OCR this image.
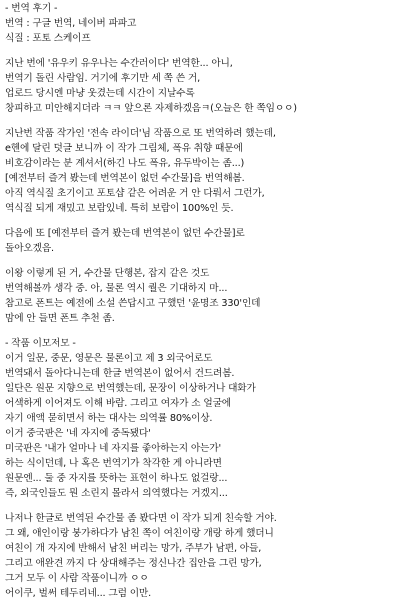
- 번역 후기 -
번역 : 구글 번역, 네이버 파파고
식질 : 포토 스케이프
지난 번에 '유우키 유우나는 수간러이다' 번역한... 아니,
번역기 돌린 사람임. 거기에 후기만 세 쪽 쓴 거,
업로드 당시엔 마냥 웃겼는데 시간이 지날수록
창피하고 미안해지더라 ㅋㅋ 앞으론 자제하겠음ㅋ(오늘은 한 쪽임ㅇㅇ)
지난번 작품 작가인 '전속 라이더'님 작품으로 또 번역하려 했는데,
e헨에 달린 덧글 보니까 이 작가 그림체, 폭유 취향 때문에
비호감이라는 분 계셔서(하긴 나도 폭유, 유두박이는 좀...)
[예전부터 즐겨 봤는데 번역본이 없던 수간물]을 번역해봄.
아직 역식질 초기이고 포토샵 같은 어려운 거 안 다뤄서 그런가,
역식질 되게 재밌고 보람있네. 특히 보람이 100%인 듯.
다음에 또 [예전부터 즐겨 봤는데 번역본이 없던 수간물]로
돌아오겠음.
이왕 이렇게 된 거, 수간물 단행본, 잡지 같은 것도
번역해볼까 생각 중. 아, 물론 역시 퀄은 기대하지 마...
참고로 폰트는 예전에 소설 쓴답시고 구했던 '윤명조 330'인데
맘에 안 들면 폰트 추천 좀.
- 작품 이모저모 -
이거 일문, 중문, 영문은 물론이고 제 3 외국어로도
번역돼서 돌아다니는데 한글 번역본이 없어서 건드려봄.
일단은 원문 지향으로 번역했는데, 문장이 이상하거나 대화가
어색하게 이어져도 이해 바람. 그리고 여자가 소 얼굴에
자기 애액 묻히면서 하는 대사는 의역률 80%이상.
이거 중국판은 '네 자지에 중독됐다'
미국판은 '내가 얼마나 네 자지를 좋아하는지 아는가'
하는 식이던데, 나 혹은 번역기가 착각한 게 아니라면
원문엔... 둘 중 자지를 뜻하는 표현이 하나도 없걸랑...
즉, 외국인들도 뭔 소린지 몰라서 의역했다는 거겠지...
나저나 한글로 번역된 수간물 좀 봤다면 이 작가 되게 친숙할 거야.
그 왜, 애인이랑 붕가하다가 남친 쪽이 여친이랑 개랑 하게 했더니
여친이 개 자지에 반해서 남친 버리는 망가, 주부가 남편, 아들,
그리고 애완견 까지 다 상대해주는 정신나간 집안을 그린 망가,
그거 모두 이 사람 작품이니까 ㅇㅇ
어이쿠, 벌써 테두리네... 그럼 이만.
